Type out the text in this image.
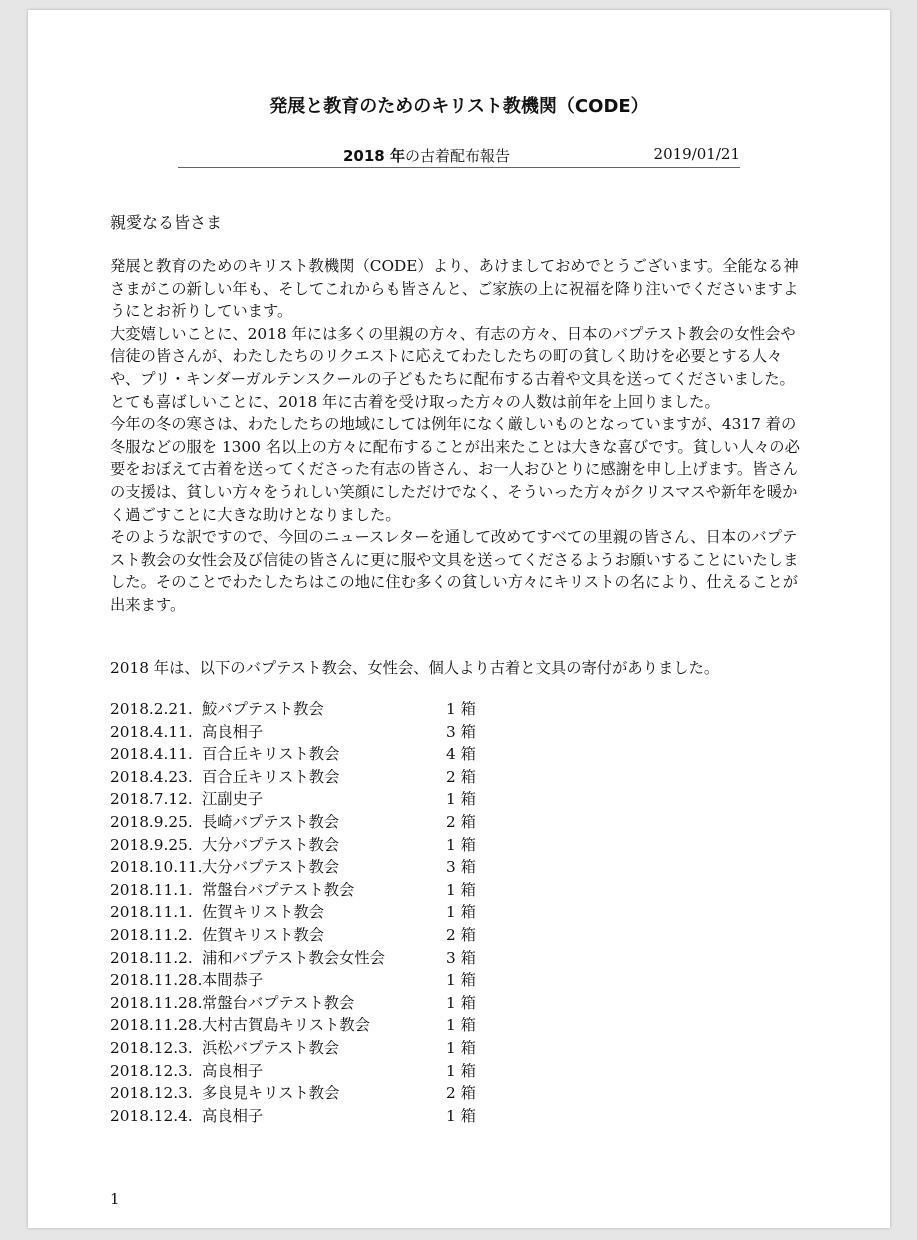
発展と教育のためのキリスト教機関（CODE）
2018 年の古着配布報告	2019/01/21
親愛なる皆さま

発展と教育のためのキリスト教機関（CODE）より、あけましておめでとうございます。全能なる神さまがこの新しい年も、そしてこれからも皆さんと、ご家族の上に祝福を降り注いでくださいますようにとお祈りしています。

大変嬉しいことに、2018 年には多くの里親の方々、有志の方々、日本のバプテスト教会の女性会や信徒の皆さんが、わたしたちのリクエストに応えてわたしたちの町の貧しく助けを必要とする人々や、プリ・キンダーガルテンスクールの子どもたちに配布する古着や文具を送ってくださいました。とても喜ばしいことに、2018 年に古着を受け取った方々の人数は前年を上回りました。

今年の冬の寒さは、わたしたちの地域にしては例年になく厳しいものとなっていますが、4317 着の冬服などの服を 1300 名以上の方々に配布することが出来たことは大きな喜びです。貧しい人々の必要をおぼえて古着を送ってくださった有志の皆さん、お一人おひとりに感謝を申し上げます。皆さんの支援は、貧しい方々をうれしい笑顔にしただけでなく、そういった方々がクリスマスや新年を暖かく過ごすことに大きな助けとなりました。

そのような訳ですので、今回のニュースレターを通して改めてすべての里親の皆さん、日本のバプテスト教会の女性会及び信徒の皆さんに更に服や文具を送ってくださるようお願いすることにいたしました。そのことでわたしたちはこの地に住む多くの貧しい方々にキリストの名により、仕えることが出来ます。

2018 年は、以下のバプテスト教会、女性会、個人より古着と文具の寄付がありました。
2018.2.21. 鮫バプテスト教会	1 箱
2018.4.11. 高良相子	3 箱
2018.4.11. 百合丘キリスト教会	4 箱
2018.4.23. 百合丘キリスト教会	2 箱
2018.7.12. 江副史子	1 箱
2018.9.25. 長崎バプテスト教会	2 箱
2018.9.25. 大分バプテスト教会	1 箱
2018.10.11. 大分バプテスト教会	3 箱
2018.11.1. 常盤台バプテスト教会	1 箱
2018.11.1. 佐賀キリスト教会	1 箱
2018.11.2. 佐賀キリスト教会	2 箱
2018.11.2. 浦和バプテスト教会女性会	3 箱
2018.11.28. 本間恭子	1 箱
2018.11.28. 常盤台バプテスト教会	1 箱
2018.11.28. 大村古賀島キリスト教会	1 箱
2018.12.3. 浜松バプテスト教会	1 箱
2018.12.3. 高良相子	1 箱
2018.12.3. 多良見キリスト教会	2 箱
2018.12.4. 高良相子	1 箱
1
